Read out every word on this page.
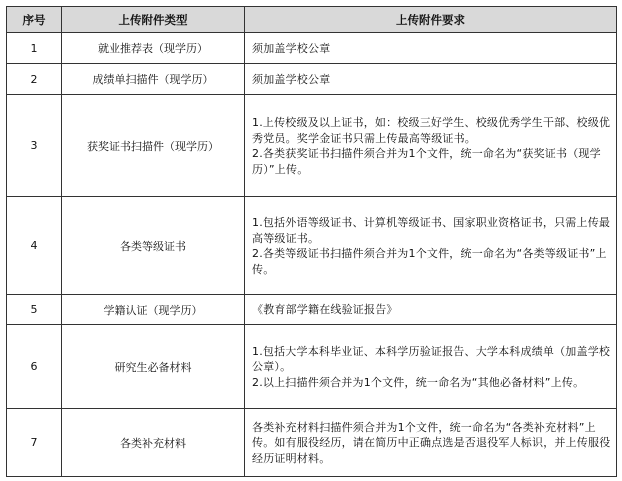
序号	上传附件类型	上传附件要求
1	就业推荐表（现学历）	须加盖学校公章

2	成绩单扫描件（现学历）	须加盖学校公章

3	获奖证书扫描件（现学历）	1.上传校级及以上证书，如：校级三好学生、校级优秀学生干部、校级优秀党员。奖学金证书只需上传最高等级证书。

2.各类获奖证书扫描件须合并为1个文件，统一命名为“获奖证书（现学历）”上传。

4	各类等级证书	1.包括外语等级证书、计算机等级证书、国家职业资格证书，只需上传最高等级证书。

2.各类等级证书扫描件须合并为1个文件，统一命名为“各类等级证书”上传。

5	学籍认证（现学历）	《教育部学籍在线验证报告》

6	研究生必备材料	1.包括大学本科毕业证、本科学历验证报告、大学本科成绩单（加盖学校公章）。

2.以上扫描件须合并为1个文件，统一命名为“其他必备材料”上传。

7	各类补充材料	各类补充材料扫描件须合并为1个文件，统一命名为“各类补充材料”上传。如有服役经历，请在简历中正确点选是否退役军人标识，并上传服役经历证明材料。
